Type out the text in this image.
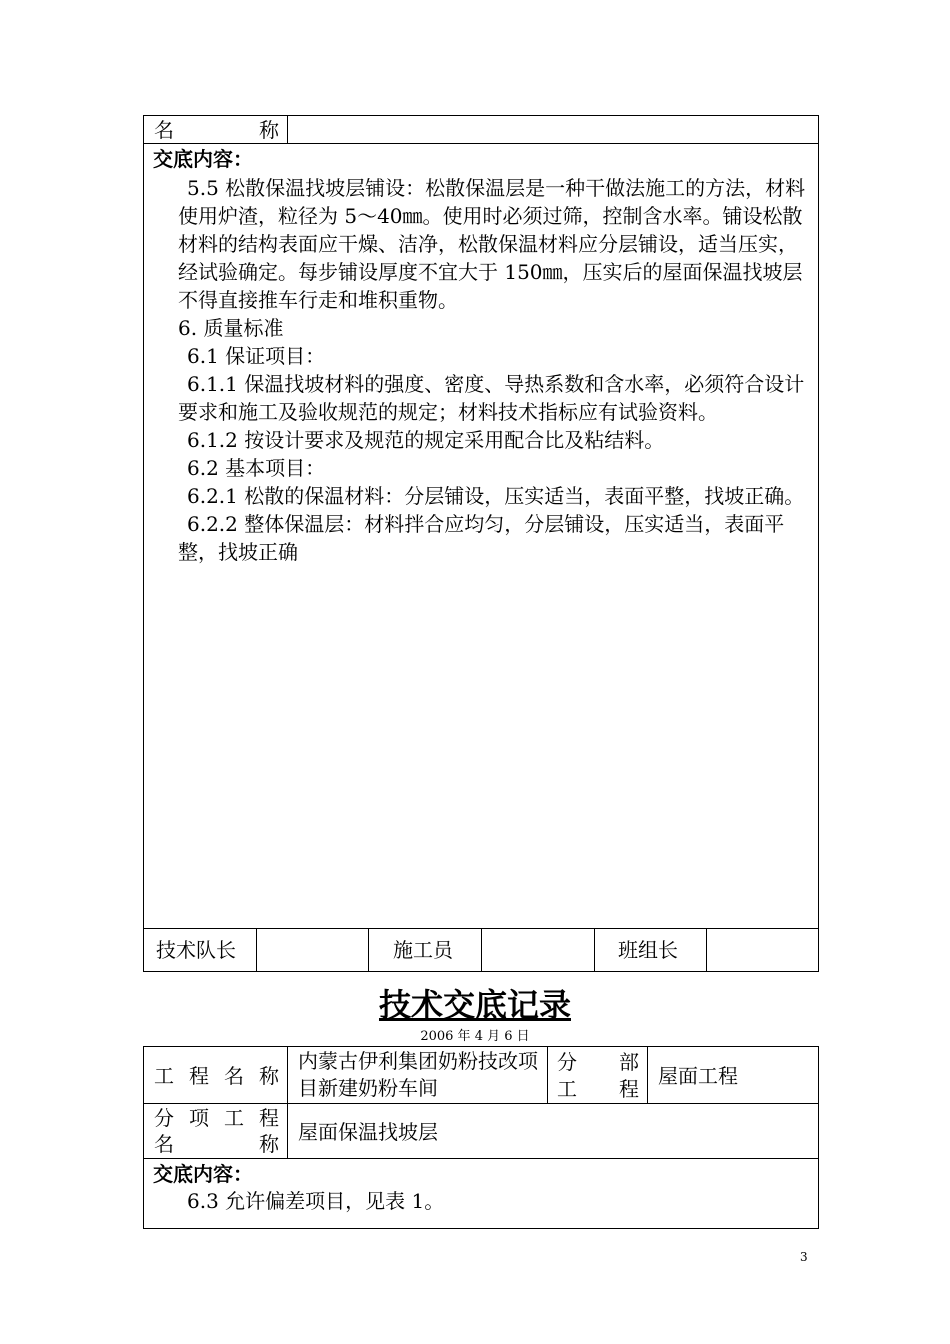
名　　称
交底内容：

5.5 松散保温找坡层铺设：松散保温层是一种干做法施工的方法，材料使用炉渣，粒径为 5～40㎜。使用时必须过筛，控制含水率。铺设松散材料的结构表面应干燥、洁净，松散保温材料应分层铺设，适当压实，经试验确定。每步铺设厚度不宜大于 150㎜，压实后的屋面保温找坡层不得直接推车行走和堆积重物。

6. 质量标准

6.1 保证项目：

6.1.1 保温找坡材料的强度、密度、导热系数和含水率，必须符合设计要求和施工及验收规范的规定；材料技术指标应有试验资料。

6.1.2 按设计要求及规范的规定采用配合比及粘结料。

6.2 基本项目：

6.2.1 松散的保温材料：分层铺设，压实适当，表面平整，找坡正确。

6.2.2 整体保温层：材料拌合应均匀，分层铺设，压实适当，表面平整，找坡正确

技术队长	施工员	班组长
技术交底记录
2006 年 4 月 6 日
工 程 名 称
内蒙古伊利集团奶粉技改项目新建奶粉车间
分　　部
工　　程
屋面工程
分 项 工 程
名　　　称 屋面保温找坡层
交底内容：
6.3 允许偏差项目，见表 1。
3
